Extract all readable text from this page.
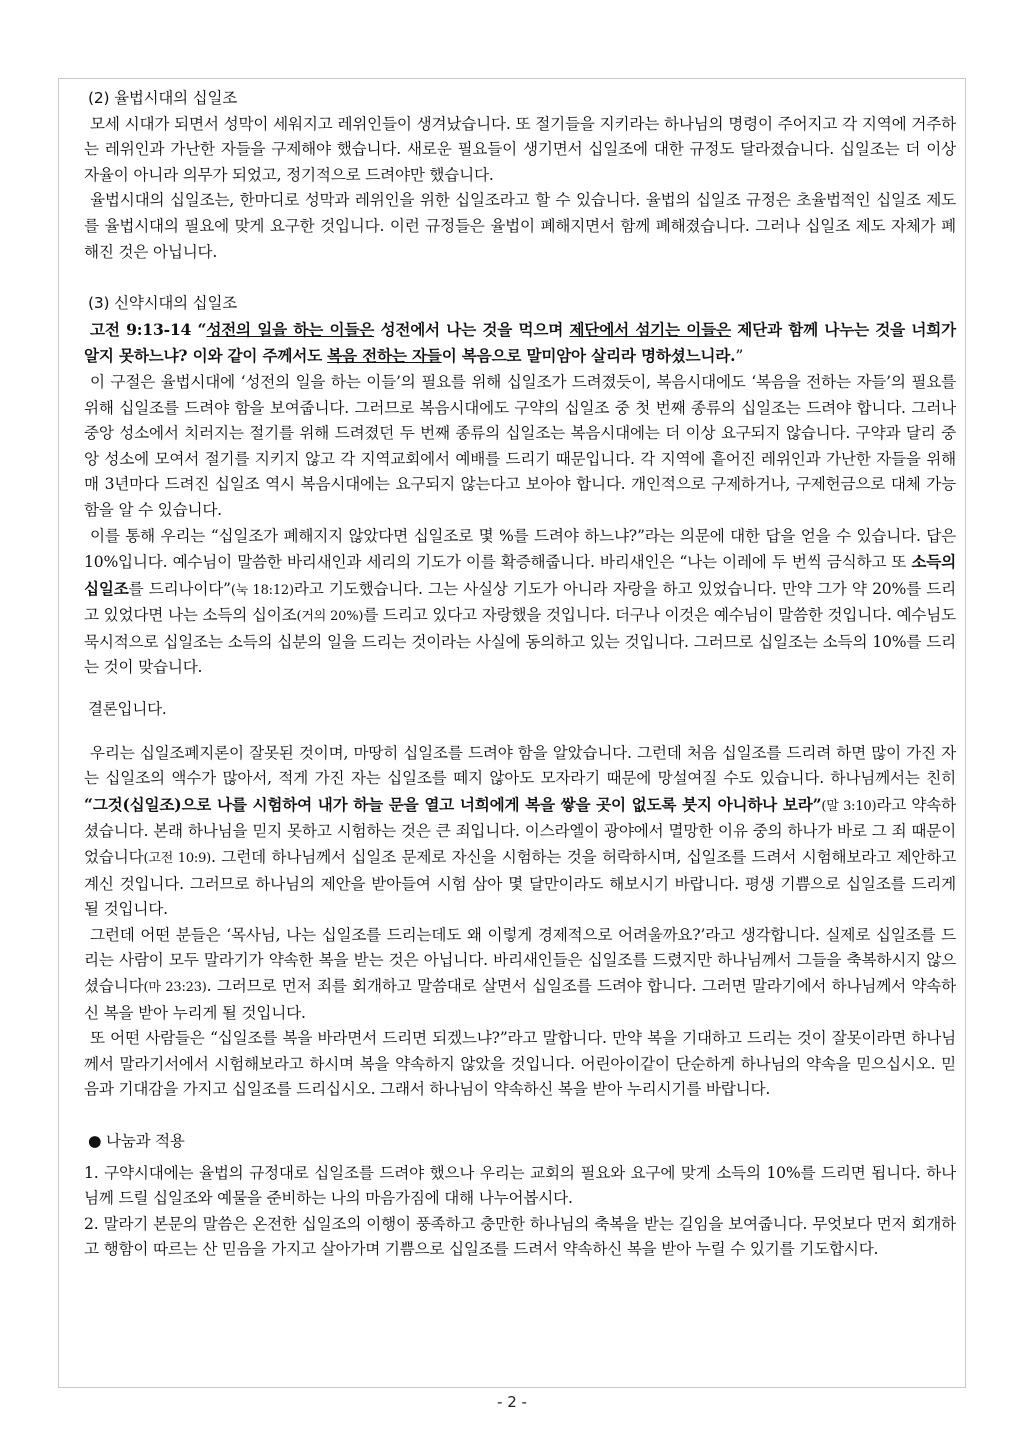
(2) 율법시대의 십일조

모세 시대가 되면서 성막이 세워지고 레위인들이 생겨났습니다. 또 절기들을 지키라는 하나님의 명령이 주어지고 각 지역에 거주하는 레위인과 가난한 자들을 구제해야 했습니다. 새로운 필요들이 생기면서 십일조에 대한 규정도 달라졌습니다. 십일조는 더 이상 자율이 아니라 의무가 되었고, 정기적으로 드려야만 했습니다.

율법시대의 십일조는, 한마디로 성막과 레위인을 위한 십일조라고 할 수 있습니다. 율법의 십일조 규정은 초율법적인 십일조 제도를 율법시대의 필요에 맞게 요구한 것입니다. 이런 규정들은 율법이 폐해지면서 함께 폐해졌습니다. 그러나 십일조 제도 자체가 폐해진 것은 아닙니다.

(3) 신약시대의 십일조

고전 9:13-14 “성전의 일을 하는 이들은 성전에서 나는 것을 먹으며 제단에서 섬기는 이들은 제단과 함께 나누는 것을 너희가 알지 못하느냐? 이와 같이 주께서도 복음 전하는 자들이 복음으로 말미암아 살리라 명하셨느니라.”

이 구절은 율법시대에 ‘성전의 일을 하는 이들’의 필요를 위해 십일조가 드려졌듯이, 복음시대에도 ‘복음을 전하는 자들’의 필요를 위해 십일조를 드려야 함을 보여줍니다. 그러므로 복음시대에도 구약의 십일조 중 첫 번째 종류의 십일조는 드려야 합니다. 그러나 중앙 성소에서 치러지는 절기를 위해 드려졌던 두 번째 종류의 십일조는 복음시대에는 더 이상 요구되지 않습니다. 구약과 달리 중앙 성소에 모여서 절기를 지키지 않고 각 지역교회에서 예배를 드리기 때문입니다. 각 지역에 흩어진 레위인과 가난한 자들을 위해 매 3년마다 드려진 십일조 역시 복음시대에는 요구되지 않는다고 보아야 합니다. 개인적으로 구제하거나, 구제헌금으로 대체 가능함을 알 수 있습니다.

이를 통해 우리는 “십일조가 폐해지지 않았다면 십일조로 몇 %를 드려야 하느냐?”라는 의문에 대한 답을 얻을 수 있습니다. 답은 10%입니다. 예수님이 말씀한 바리새인과 세리의 기도가 이를 확증해줍니다. 바리새인은 “나는 이레에 두 번씩 금식하고 또 소득의 십일조를 드리나이다”(눅 18:12)라고 기도했습니다. 그는 사실상 기도가 아니라 자랑을 하고 있었습니다. 만약 그가 약 20%를 드리고 있었다면 나는 소득의 십이조(거의 20%)를 드리고 있다고 자랑했을 것입니다. 더구나 이것은 예수님이 말씀한 것입니다. 예수님도 묵시적으로 십일조는 소득의 십분의 일을 드리는 것이라는 사실에 동의하고 있는 것입니다. 그러므로 십일조는 소득의 10%를 드리는 것이 맞습니다.

결론입니다.

우리는 십일조폐지론이 잘못된 것이며, 마땅히 십일조를 드려야 함을 알았습니다. 그런데 처음 십일조를 드리려 하면 많이 가진 자는 십일조의 액수가 많아서, 적게 가진 자는 십일조를 떼지 않아도 모자라기 때문에 망설여질 수도 있습니다. 하나님께서는 친히 “그것(십일조)으로 나를 시험하여 내가 하늘 문을 열고 너희에게 복을 쌓을 곳이 없도록 붓지 아니하나 보라”(말 3:10)라고 약속하셨습니다. 본래 하나님을 믿지 못하고 시험하는 것은 큰 죄입니다. 이스라엘이 광야에서 멸망한 이유 중의 하나가 바로 그 죄 때문이었습니다(고전 10:9). 그런데 하나님께서 십일조 문제로 자신을 시험하는 것을 허락하시며, 십일조를 드려서 시험해보라고 제안하고 계신 것입니다. 그러므로 하나님의 제안을 받아들여 시험 삼아 몇 달만이라도 해보시기 바랍니다. 평생 기쁨으로 십일조를 드리게 될 것입니다.

그런데 어떤 분들은 ‘목사님, 나는 십일조를 드리는데도 왜 이렇게 경제적으로 어려울까요?’라고 생각합니다. 실제로 십일조를 드리는 사람이 모두 말라기가 약속한 복을 받는 것은 아닙니다. 바리새인들은 십일조를 드렸지만 하나님께서 그들을 축복하시지 않으셨습니다(마 23:23). 그러므로 먼저 죄를 회개하고 말씀대로 살면서 십일조를 드려야 합니다. 그러면 말라기에서 하나님께서 약속하신 복을 받아 누리게 될 것입니다.

또 어떤 사람들은 “십일조를 복을 바라면서 드리면 되겠느냐?”라고 말합니다. 만약 복을 기대하고 드리는 것이 잘못이라면 하나님께서 말라기서에서 시험해보라고 하시며 복을 약속하지 않았을 것입니다. 어린아이같이 단순하게 하나님의 약속을 믿으십시오. 믿음과 기대감을 가지고 십일조를 드리십시오. 그래서 하나님이 약속하신 복을 받아 누리시기를 바랍니다.

● 나눔과 적용

1. 구약시대에는 율법의 규정대로 십일조를 드려야 했으나 우리는 교회의 필요와 요구에 맞게 소득의 10%를 드리면 됩니다. 하나님께 드릴 십일조와 예물을 준비하는 나의 마음가짐에 대해 나누어봅시다.

2. 말라기 본문의 말씀은 온전한 십일조의 이행이 풍족하고 충만한 하나님의 축복을 받는 길임을 보여줍니다. 무엇보다 먼저 회개하고 행함이 따르는 산 믿음을 가지고 살아가며 기쁨으로 십일조를 드려서 약속하신 복을 받아 누릴 수 있기를 기도합시다.

- 2 -
